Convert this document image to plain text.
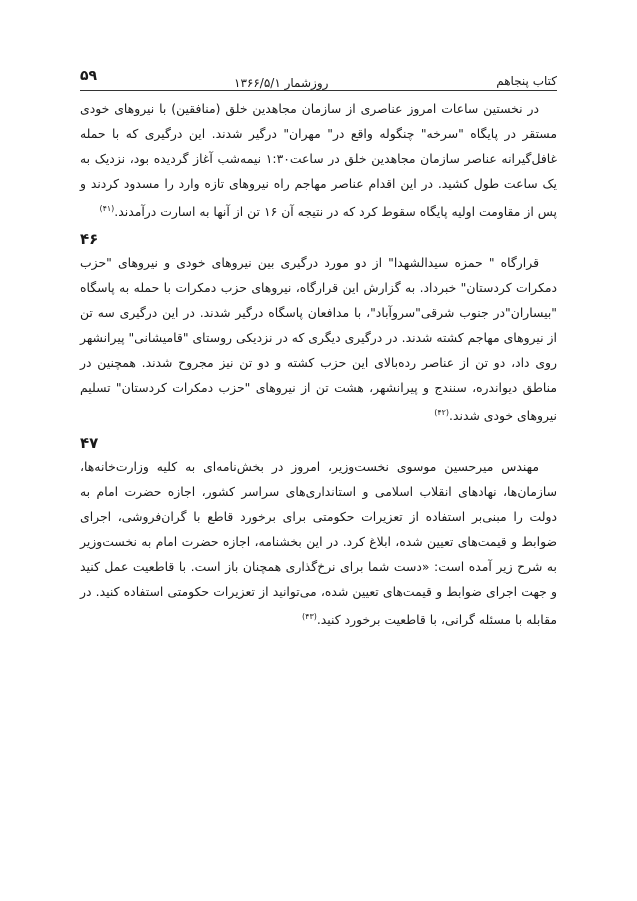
کتاب پنجاهم
روزشمار ۱۳۶۶/۵/۱
۵۹

در نخستین ساعات امروز عناصری از سازمان مجاهدین خلق (منافقین) با نیروهای خودی مستقر در پایگاه "سرخه" چنگوله واقع در" مهران" درگیر شدند. این درگیری که با حمله غافل‌گیرانه عناصر سازمان مجاهدین خلق در ساعت۱:۳۰ نیمه‌شب آغاز گردیده بود، نزدیک به یک ساعت طول کشید. در این اقدام عناصر مهاجم راه نیروهای تازه وارد را مسدود کردند و پس از مقاومت اولیه پایگاه سقوط کرد که در نتیجه آن ۱۶ تن از آنها به اسارت درآمدند.$^{(۴۱)}$

۴۶

قرارگاه " حمزه سیدالشهدا" از دو مورد درگیری بین نیروهای خودی و نیروهای "حزب دمکرات کردستان" خبرداد. به گزارش این قرارگاه، نیروهای حزب دمکرات با حمله به پاسگاه "بیساران"در جنوب شرقی"سروآباد"، با مدافعان پاسگاه درگیر شدند. در این درگیری سه تن از نیروهای مهاجم کشته شدند. در درگیری دیگری که در نزدیکی روستای "قامیشانی" پیرانشهر روی داد، دو تن از عناصر رده‌بالای این حزب کشته و دو تن نیز مجروح شدند. همچنین در مناطق دیواندره، سنندج و پیرانشهر، هشت تن از نیروهای "حزب دمکرات کردستان" تسلیم نیروهای خودی شدند.$^{(۴۲)}$

۴۷

مهندس میرحسین موسوی نخست‌وزیر، امروز در بخش‌نامه‌ای به کلیه وزارت‌خانه‌ها، سازمان‌ها، نهادهای انقلاب اسلامی و استانداری‌های سراسر کشور، اجازه حضرت امام به دولت را مبنی‌بر استفاده از تعزیرات حکومتی برای برخورد قاطع با گران‌فروشی، اجرای ضوابط و قیمت‌های تعیین شده، ابلاغ کرد. در این بخشنامه، اجازه حضرت امام به نخست‌وزیر به شرح زیر آمده است: «دست شما برای نرخ‌گذاری همچنان باز است. با قاطعیت عمل کنید و جهت اجرای ضوابط و قیمت‌های تعیین شده، می‌توانید از تعزیرات حکومتی استفاده کنید. در مقابله با مسئله گرانی، با قاطعیت برخورد کنید.$^{(۴۳)}$
